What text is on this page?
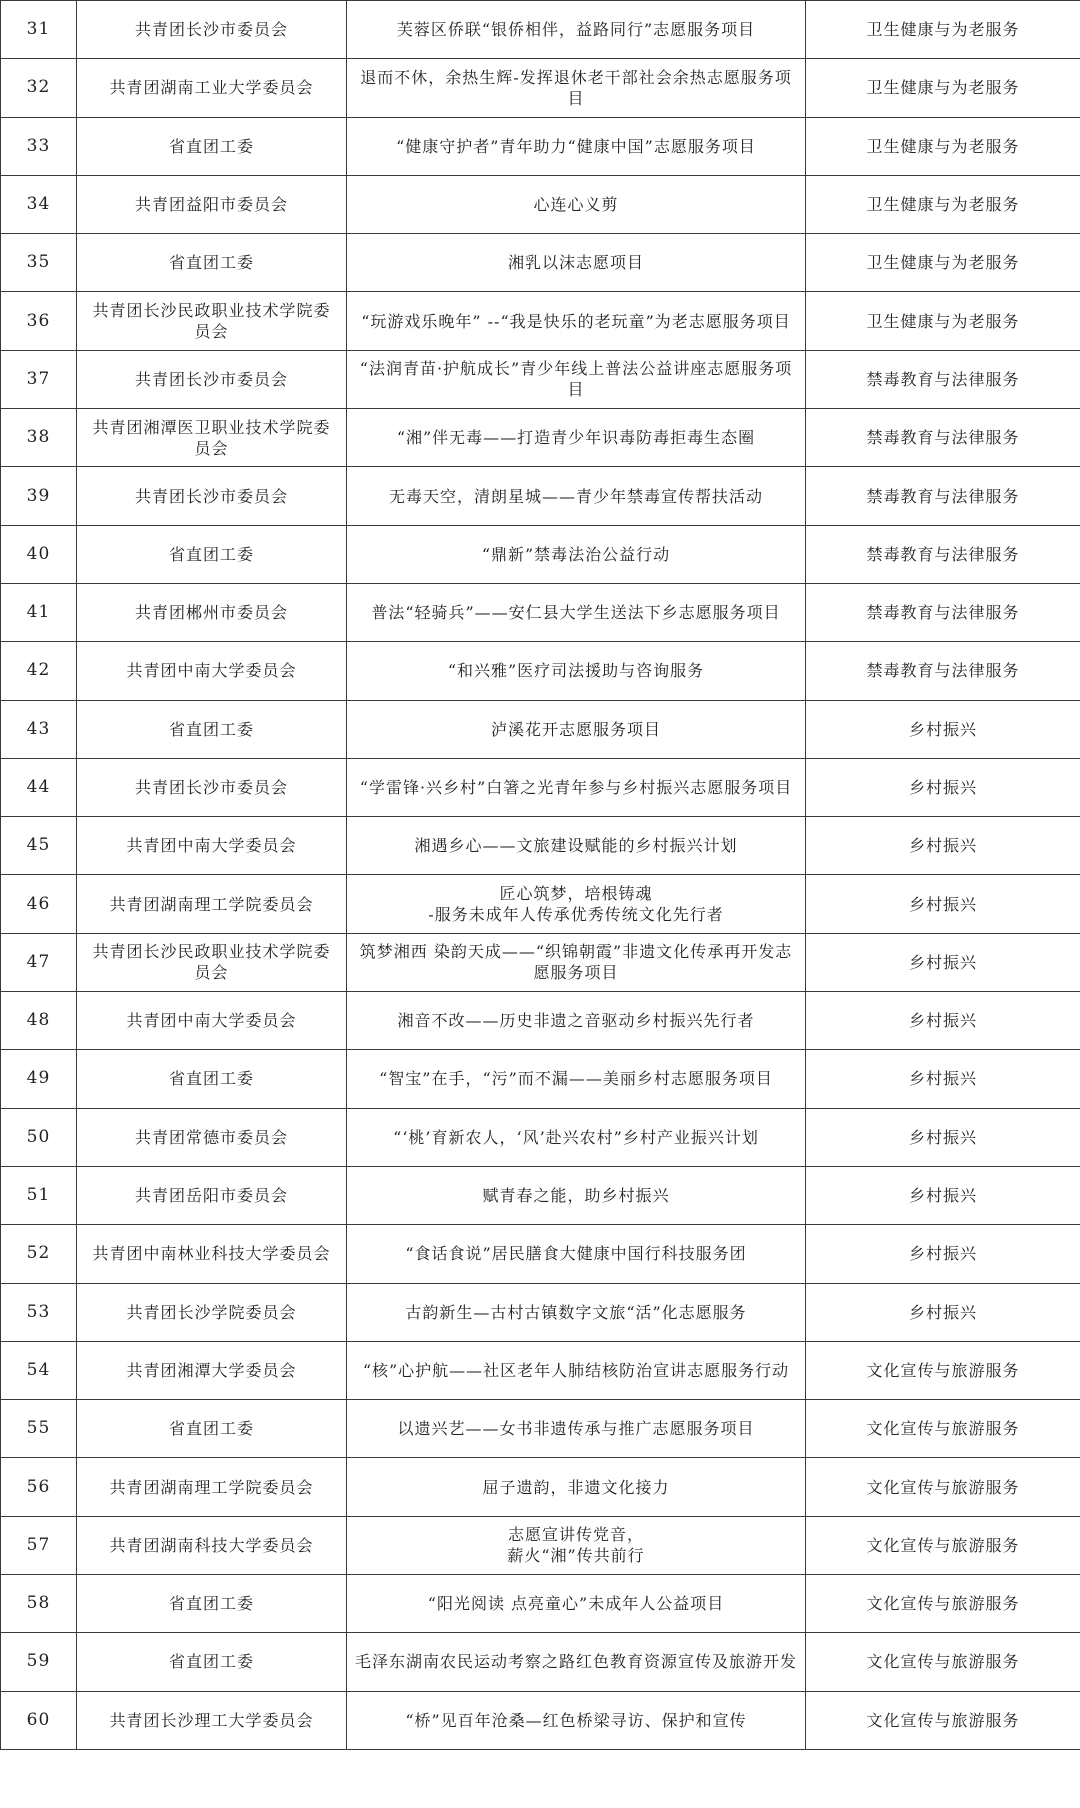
31	共青团长沙市委员会	芙蓉区侨联“银侨相伴，益路同行”志愿服务项目	卫生健康与为老服务
32	共青团湖南工业大学委员会	退而不休，余热生辉-发挥退休老干部社会余热志愿服务项目	卫生健康与为老服务
33	省直团工委	“健康守护者”青年助力“健康中国”志愿服务项目	卫生健康与为老服务
34	共青团益阳市委员会	心连心义剪	卫生健康与为老服务
35	省直团工委	湘乳以沫志愿项目	卫生健康与为老服务
36	共青团长沙民政职业技术学院委员会	“玩游戏乐晚年” --“我是快乐的老玩童”为老志愿服务项目	卫生健康与为老服务
37	共青团长沙市委员会	“法润青苗·护航成长”青少年线上普法公益讲座志愿服务项目	禁毒教育与法律服务
38	共青团湘潭医卫职业技术学院委员会	“湘”伴无毒——打造青少年识毒防毒拒毒生态圈	禁毒教育与法律服务
39	共青团长沙市委员会	无毒天空，清朗星城——青少年禁毒宣传帮扶活动	禁毒教育与法律服务
40	省直团工委	“鼎新”禁毒法治公益行动	禁毒教育与法律服务
41	共青团郴州市委员会	普法“轻骑兵”——安仁县大学生送法下乡志愿服务项目	禁毒教育与法律服务
42	共青团中南大学委员会	“和兴雅”医疗司法援助与咨询服务	禁毒教育与法律服务
43	省直团工委	泸溪花开志愿服务项目	乡村振兴
44	共青团长沙市委员会	“学雷锋·兴乡村”白箸之光青年参与乡村振兴志愿服务项目	乡村振兴
45	共青团中南大学委员会	湘遇乡心——文旅建设赋能的乡村振兴计划	乡村振兴
46	共青团湖南理工学院委员会	匠心筑梦，培根铸魂
-服务未成年人传承优秀传统文化先行者	乡村振兴
47	共青团长沙民政职业技术学院委员会	筑梦湘西 染韵天成——“织锦朝霞”非遗文化传承再开发志愿服务项目	乡村振兴
48	共青团中南大学委员会	湘音不改——历史非遗之音驱动乡村振兴先行者	乡村振兴
49	省直团工委	“智宝”在手，“污”而不漏——美丽乡村志愿服务项目	乡村振兴
50	共青团常德市委员会	“‘桃’育新农人，‘风’赴兴农村”乡村产业振兴计划	乡村振兴
51	共青团岳阳市委员会	赋青春之能，助乡村振兴	乡村振兴
52	共青团中南林业科技大学委员会	“食话食说”居民膳食大健康中国行科技服务团	乡村振兴
53	共青团长沙学院委员会	古韵新生—古村古镇数字文旅“活”化志愿服务	乡村振兴
54	共青团湘潭大学委员会	“核”心护航——社区老年人肺结核防治宣讲志愿服务行动	文化宣传与旅游服务
55	省直团工委	以遗兴艺——女书非遗传承与推广志愿服务项目	文化宣传与旅游服务
56	共青团湖南理工学院委员会	屈子遗韵，非遗文化接力	文化宣传与旅游服务
57	共青团湖南科技大学委员会	志愿宣讲传党音，
薪火“湘”传共前行	文化宣传与旅游服务
58	省直团工委	“阳光阅读 点亮童心”未成年人公益项目	文化宣传与旅游服务
59	省直团工委	毛泽东湖南农民运动考察之路红色教育资源宣传及旅游开发	文化宣传与旅游服务
60	共青团长沙理工大学委员会	“桥”见百年沧桑—红色桥梁寻访、保护和宣传	文化宣传与旅游服务
